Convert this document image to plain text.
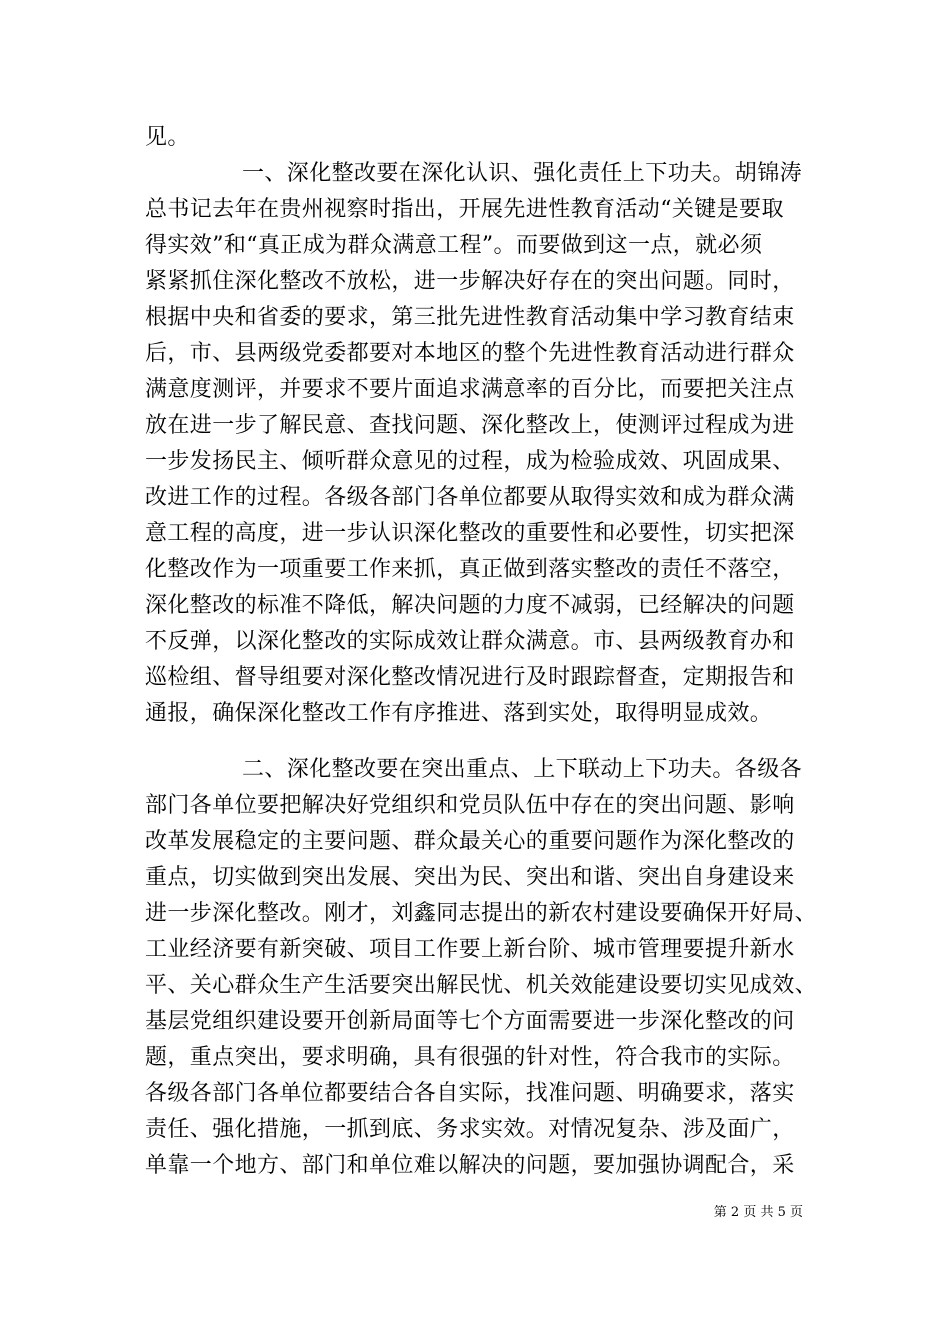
见。
一、深化整改要在深化认识、强化责任上下功夫。胡锦涛
总书记去年在贵州视察时指出，开展先进性教育活动“关键是要取
得实效”和“真正成为群众满意工程”。而要做到这一点，就必须
紧紧抓住深化整改不放松，进一步解决好存在的突出问题。同时，
根据中央和省委的要求，第三批先进性教育活动集中学习教育结束
后，市、县两级党委都要对本地区的整个先进性教育活动进行群众
满意度测评，并要求不要片面追求满意率的百分比，而要把关注点
放在进一步了解民意、查找问题、深化整改上，使测评过程成为进
一步发扬民主、倾听群众意见的过程，成为检验成效、巩固成果、
改进工作的过程。各级各部门各单位都要从取得实效和成为群众满
意工程的高度，进一步认识深化整改的重要性和必要性，切实把深
化整改作为一项重要工作来抓，真正做到落实整改的责任不落空，
深化整改的标准不降低，解决问题的力度不减弱，已经解决的问题
不反弹，以深化整改的实际成效让群众满意。市、县两级教育办和
巡检组、督导组要对深化整改情况进行及时跟踪督查，定期报告和
通报，确保深化整改工作有序推进、落到实处，取得明显成效。
二、深化整改要在突出重点、上下联动上下功夫。各级各
部门各单位要把解决好党组织和党员队伍中存在的突出问题、影响
改革发展稳定的主要问题、群众最关心的重要问题作为深化整改的
重点，切实做到突出发展、突出为民、突出和谐、突出自身建设来
进一步深化整改。刚才，刘鑫同志提出的新农村建设要确保开好局、
工业经济要有新突破、项目工作要上新台阶、城市管理要提升新水
平、关心群众生产生活要突出解民忧、机关效能建设要切实见成效、
基层党组织建设要开创新局面等七个方面需要进一步深化整改的问
题，重点突出，要求明确，具有很强的针对性，符合我市的实际。
各级各部门各单位都要结合各自实际，找准问题、明确要求，落实
责任、强化措施，一抓到底、务求实效。对情况复杂、涉及面广，
单靠一个地方、部门和单位难以解决的问题，要加强协调配合，采
第 2 页 共 5 页
